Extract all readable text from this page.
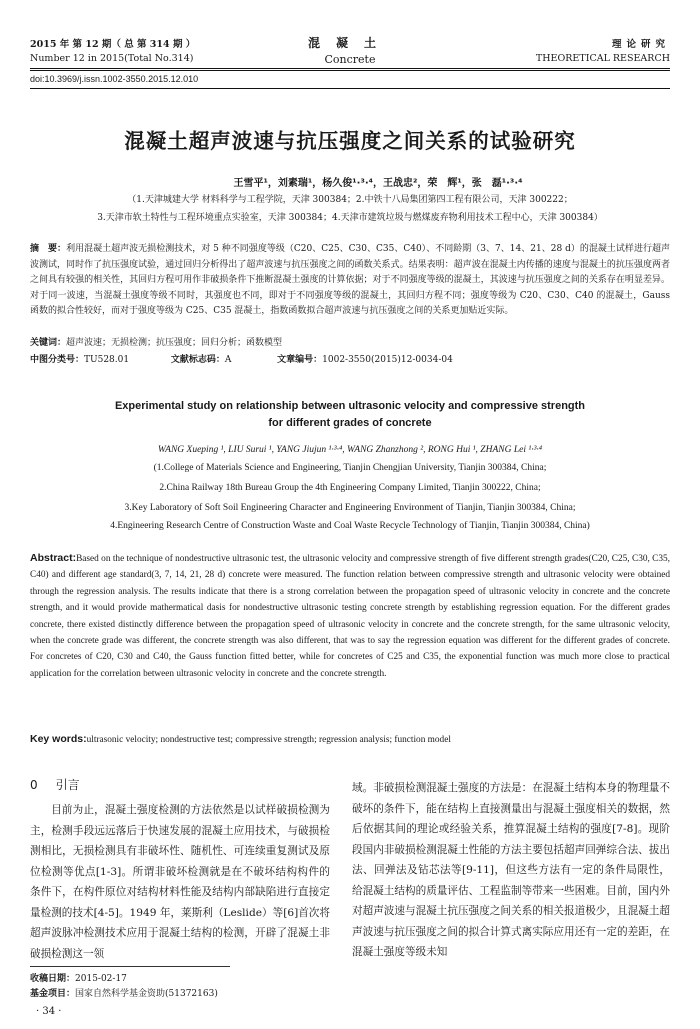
2015 年 第 12 期（ 总 第 314 期 ）	混凝土	理论研究
Number 12 in 2015(Total No.314)	Concrete	THEORETICAL RESEARCH
doi:10.3969/j.issn.1002-3550.2015.12.010
混凝土超声波速与抗压强度之间关系的试验研究
王雪平¹，刘素瑞¹，杨久俊¹·³·⁴，王战忠²，荣　辉¹，张　磊¹·³·⁴
（1.天津城建大学 材料科学与工程学院，天津 300384；2.中铁十八局集团第四工程有限公司，天津 300222；
3.天津市软土特性与工程环境重点实验室，天津 300384；4.天津市建筑垃圾与燃煤废弃物利用技术工程中心，天津 300384）
摘　要：利用混凝土超声波无损检测技术，对 5 种不同强度等级（C20、C25、C30、C35、C40）、不同龄期（3、7、14、21、28 d）的混凝土试样进行超声波测试，同时作了抗压强度试验，通过回归分析得出了超声波速与抗压强度之间的函数关系式。结果表明：超声波在混凝土内传播的速度与混凝土的抗压强度两者之间具有较强的相关性，其回归方程可用作非破损条件下推断混凝土强度的计算依据；对于不同强度等级的混凝土，其波速与抗压强度之间的关系存在明显差异。对于同一波速，当混凝土强度等级不同时，其强度也不同，即对于不同强度等级的混凝土，其回归方程不同；强度等级为 C20、C30、C40 的混凝土，Gauss 函数的拟合性较好，而对于强度等级为 C25、C35 混凝土，指数函数拟合超声波速与抗压强度之间的关系更加贴近实际。
关键词：超声波速；无损检测；抗压强度；回归分析；函数模型
中图分类号：TU528.01	文献标志码：A	文章编号：1002-3550(2015)12-0034-04
Experimental study on relationship between ultrasonic velocity and compressive strength for different grades of concrete
WANG Xueping ¹, LIU Surui ¹, YANG Jiujun ¹·³·⁴, WANG Zhanzhong ², RONG Hui ¹, ZHANG Lei ¹·³·⁴
(1.College of Materials Science and Engineering, Tianjin Chengjian University, Tianjin 300384, China;
2.China Railway 18th Bureau Group the 4th Engineering Company Limited, Tianjin 300222, China;
3.Key Laboratory of Soft Soil Engineering Character and Engineering Environment of Tianjin, Tianjin 300384, China;
4.Engineering Research Centre of Construction Waste and Coal Waste Recycle Technology of Tianjin, Tianjin 300384, China)
Abstract:Based on the technique of nondestructive ultrasonic test, the ultrasonic velocity and compressive strength of five different strength grades(C20, C25, C30, C35, C40) and different age standard(3, 7, 14, 21, 28 d) concrete were measured. The function relation between compressive strength and ultrasonic velocity were obtained through the regression analysis. The results indicate that there is a strong correlation between the propagation speed of ultrasonic velocity in concrete and the concrete strength, and it would provide mathermatical dasis for nondestructive ultrasonic testing concrete strength by establishing regression equation. For the different grades concrete, there existed distinctly difference between the propagation speed of ultrasonic velocity in concrete and the concrete strength, for the same ultrasonic velocity, when the concrete grade was different, the concrete strength was also different, that was to say the regression equation was different for the different grades of concrete. For concretes of C20, C30 and C40, the Gauss function fitted better, while for concretes of C25 and C35, the exponential function was much more close to practical application for the correlation between ultrasonic velocity in concrete and the concrete strength.
Key words:ultrasonic velocity; nondestructive test; compressive strength; regression analysis; function model
0 引言
目前为止，混凝土强度检测的方法依然是以试样破损检测为主，检测手段远远落后于快速发展的混凝土应用技术，与破损检测相比，无损检测具有非破坏性、随机性、可连续重复测试及原位检测等优点[1-3]。所谓非破坏检测就是在不破坏结构构件的条件下，在构件原位对结构材料性能及结构内部缺陷进行直接定量检测的技术[4-5]。1949 年，莱斯利（Leslide）等[6]首次将超声波脉冲检测技术应用于混凝土结构的检测，开辟了混凝土非破损检测这一领
域。非破损检测混凝土强度的方法是：在混凝土结构本身的物理量不破坏的条件下，能在结构上直接测量出与混凝土强度相关的数据，然后依据其间的理论或经验关系，推算混凝土结构的强度[7-8]。现阶段国内非破损检测混凝土性能的方法主要包括超声回弹综合法、拔出法、回弹法及钻芯法等[9-11]，但这些方法有一定的条件局限性，给混凝土结构的质量评估、工程监制等带来一些困难。目前，国内外对超声波速与混凝土抗压强度之间关系的相关报道极少，且混凝土超声波速与抗压强度之间的拟合计算式离实际应用还有一定的差距，在混凝土强度等级未知
收稿日期：2015-02-17
基金项目：国家自然科学基金资助(51372163)
· 34 ·
